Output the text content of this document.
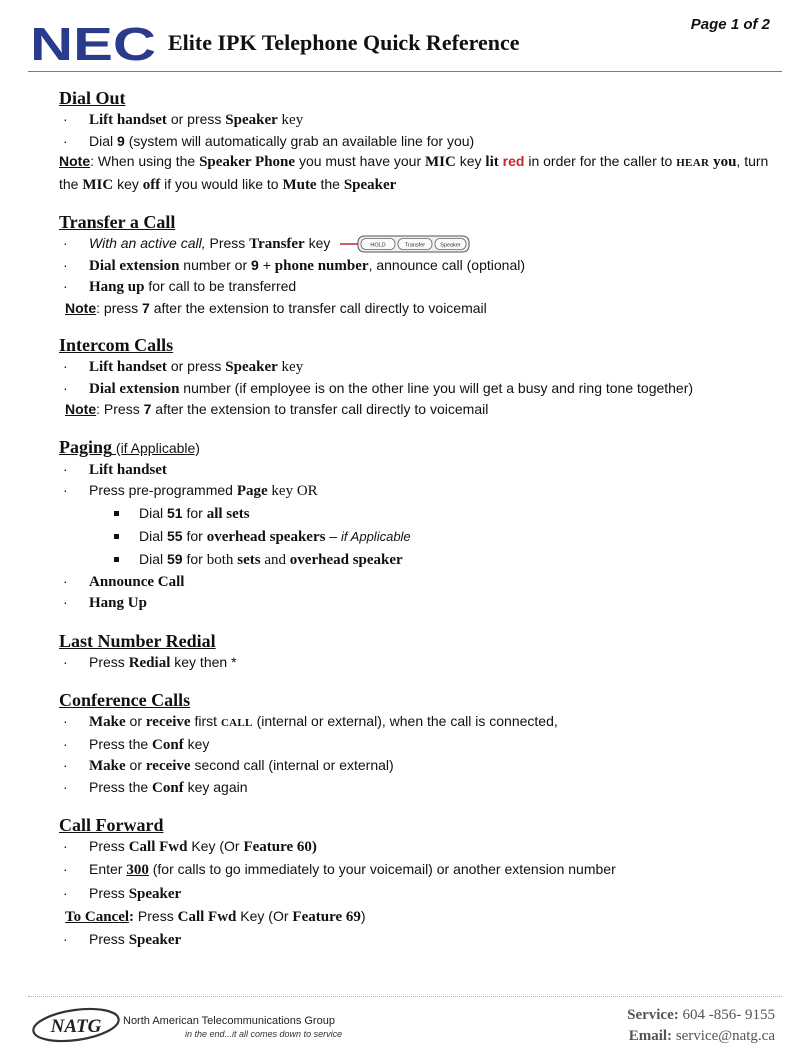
NEC Elite IPK Telephone Quick Reference
Page 1 of 2
Dial Out
· Lift handset or press Speaker key
· Dial 9 (system will automatically grab an available line for you)
Note: When using the Speaker Phone you must have your MIC key lit red in order for the caller to HEAR you, turn the MIC key off if you would like to Mute the Speaker
Transfer a Call
· With an active call, Press Transfer key	HOLD	Transfer	Speaker
· Dial extension number or 9 + phone number, announce call (optional)
· Hang up for call to be transferred
Note: press 7 after the extension to transfer call directly to voicemail
Intercom Calls
· Lift handset or press Speaker key
· Dial extension number (if employee is on the other line you will get a busy and ring tone together)
Note: Press 7 after the extension to transfer call directly to voicemail
Paging (if Applicable)
· Lift handset
· Press pre-programmed Page key OR
Dial 51 for all sets
Dial 55 for overhead speakers – if Applicable
Dial 59 for both sets and overhead speaker
· Announce Call
· Hang Up
Last Number Redial
· Press Redial key then *
Conference Calls
· Make or receive first CALL (internal or external), when the call is connected,
· Press the Conf key
· Make or receive second call (internal or external)
· Press the Conf key again
Call Forward
· Press Call Fwd Key (Or Feature 60)
· Enter 300 (for calls to go immediately to your voicemail) or another extension number
· Press Speaker
To Cancel: Press Call Fwd Key (Or Feature 69)
· Press Speaker
NATG North American Telecommunications Group
in the end...it all comes down to service
Service: 604 -856- 9155
Email: service@natg.ca
